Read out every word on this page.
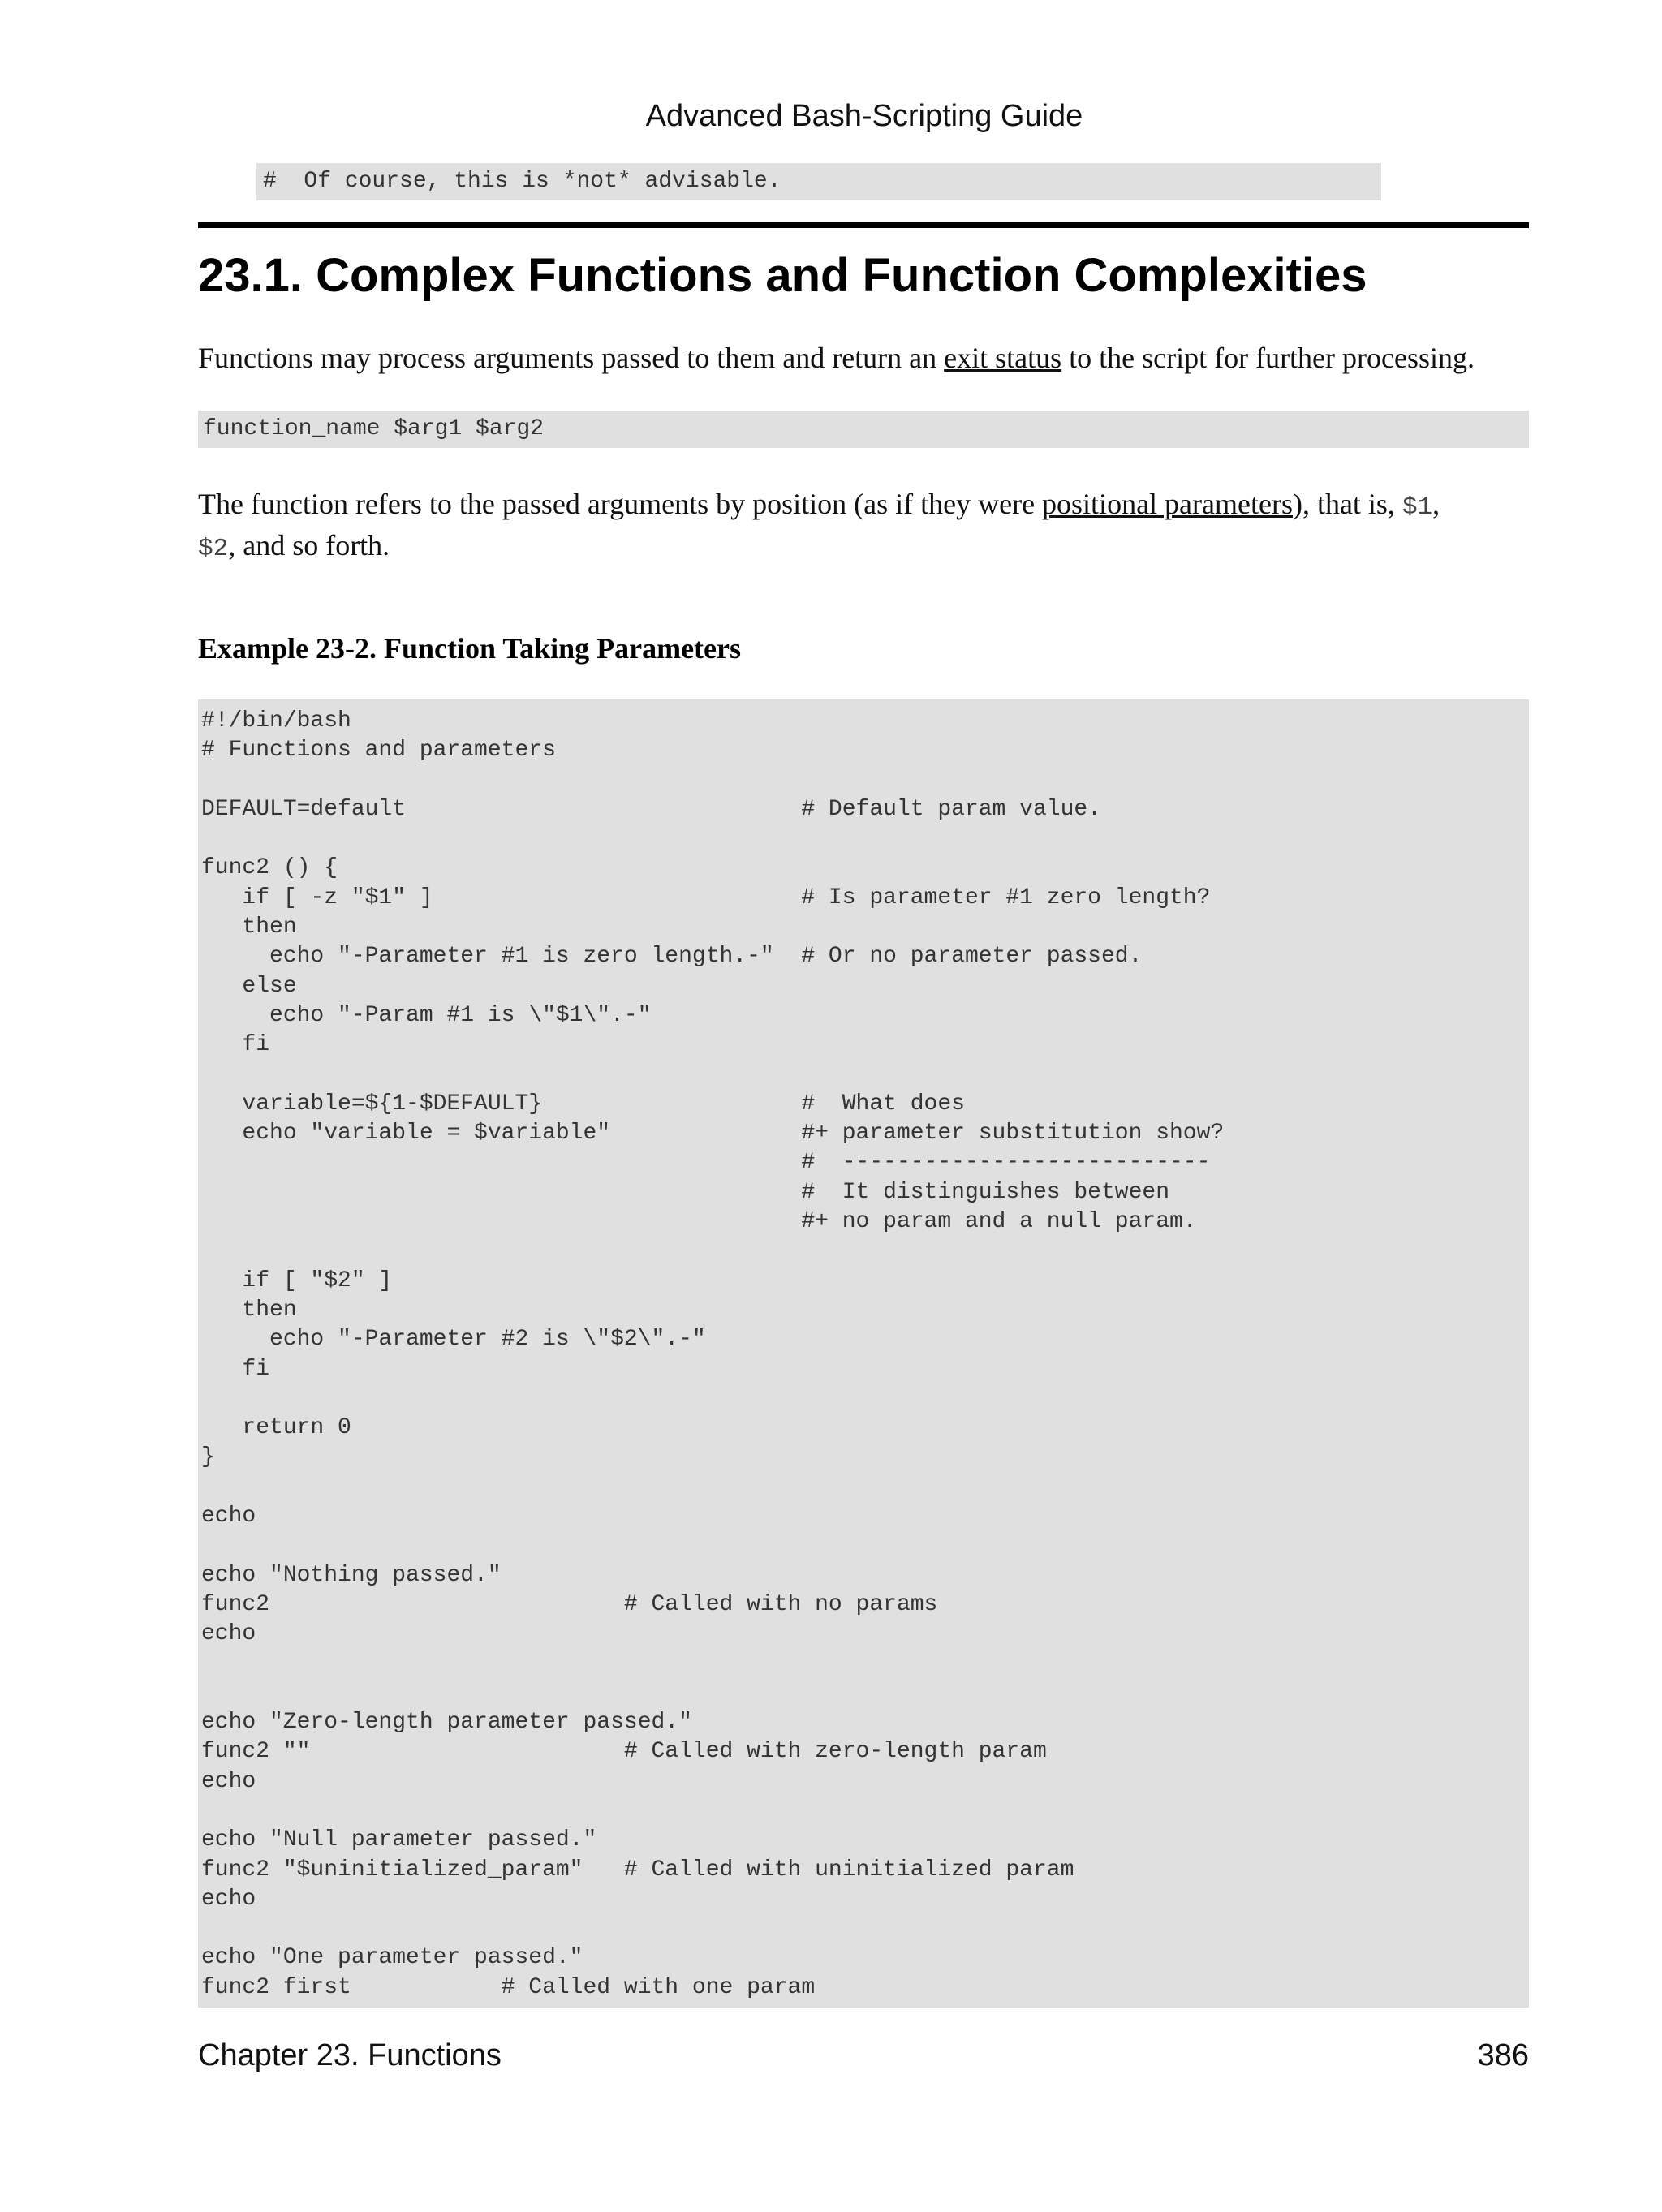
Advanced Bash-Scripting Guide
#  Of course, this is *not* advisable.
23.1. Complex Functions and Function Complexities

Functions may process arguments passed to them and return an exit status to the script for further processing.

function_name $arg1 $arg2

The function refers to the passed arguments by position (as if they were positional parameters), that is, $1,
$2, and so forth.

Example 23-2. Function Taking Parameters
#!/bin/bash
# Functions and parameters
DEFAULT=default                             # Default param value.
func2 () {
if [ -z "$1" ]                           # Is parameter #1 zero length?
then
echo "-Parameter #1 is zero length.-"  # Or no parameter passed.
else
echo "-Param #1 is \"$1\".-"
fi
variable=${1-$DEFAULT}                   #  What does
echo "variable = $variable"              #+ parameter substitution show?
#  ---------------------------
#  It distinguishes between
#+ no param and a null param.
if [ "$2" ]
then
echo "-Parameter #2 is \"$2\".-"
fi
return 0
}
echo
echo "Nothing passed."
func2                          # Called with no params
echo
echo "Zero-length parameter passed."
func2 ""                       # Called with zero-length param
echo
echo "Null parameter passed."
func2 "$uninitialized_param"   # Called with uninitialized param
echo
echo "One parameter passed."
func2 first           # Called with one param
Chapter 23. Functions	386
